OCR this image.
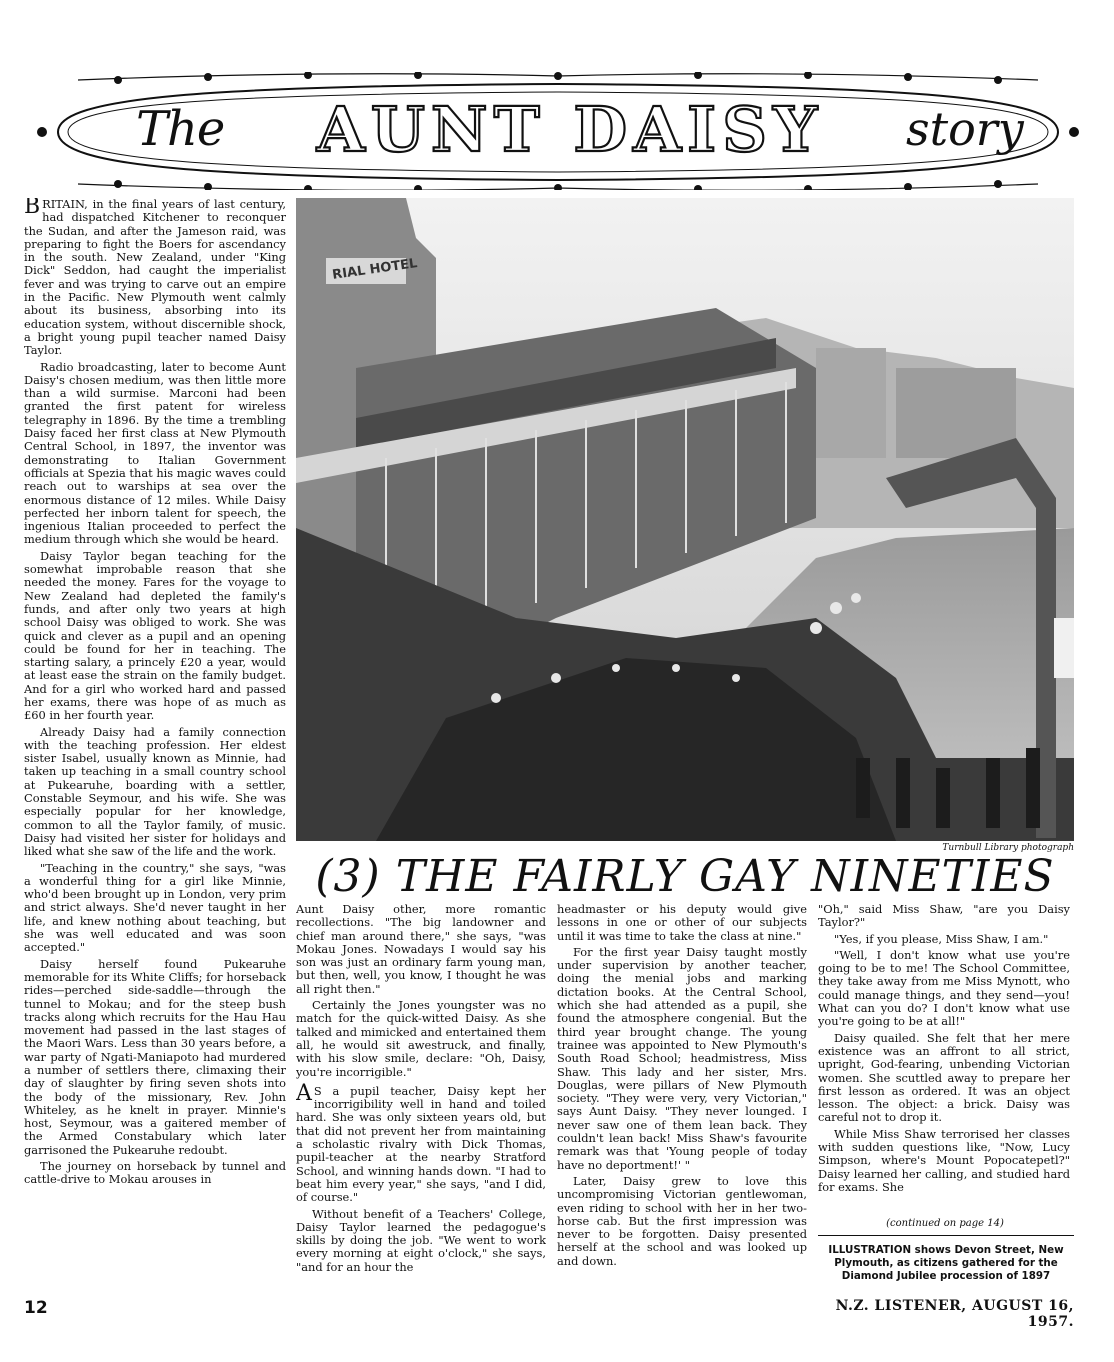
The	AUNT DAISY	story

BRITAIN, in the final years of last century, had dispatched Kitchener to reconquer the Sudan, and after the Jameson raid, was preparing to fight the Boers for ascendancy in the south. New Zealand, under "King Dick" Seddon, had caught the imperialist fever and was trying to carve out an empire in the Pacific. New Plymouth went calmly about its business, absorbing into its education system, without discernible shock, a bright young pupil teacher named Daisy Taylor.

Radio broadcasting, later to become Aunt Daisy's chosen medium, was then little more than a wild surmise. Marconi had been granted the first patent for wireless telegraphy in 1896. By the time a trembling Daisy faced her first class at New Plymouth Central School, in 1897, the inventor was demonstrating to Italian Government officials at Spezia that his magic waves could reach out to warships at sea over the enormous distance of 12 miles. While Daisy perfected her inborn talent for speech, the ingenious Italian proceeded to perfect the medium through which she would be heard.

Daisy Taylor began teaching for the somewhat improbable reason that she needed the money. Fares for the voyage to New Zealand had depleted the family's funds, and after only two years at high school Daisy was obliged to work. She was quick and clever as a pupil and an opening could be found for her in teaching. The starting salary, a princely £20 a year, would at least ease the strain on the family budget. And for a girl who worked hard and passed her exams, there was hope of as much as £60 in her fourth year.

Already Daisy had a family connection with the teaching profession. Her eldest sister Isabel, usually known as Minnie, had taken up teaching in a small country school at Pukearuhe, boarding with a settler, Constable Seymour, and his wife. She was especially popular for her knowledge, common to all the Taylor family, of music. Daisy had visited her sister for holidays and liked what she saw of the life and the work.

"Teaching in the country," she says, "was a wonderful thing for a girl like Minnie, who'd been brought up in London, very prim and strict always. She'd never taught in her life, and knew nothing about teaching, but she was well educated and was soon accepted."

Daisy herself found Pukearuhe memorable for its White Cliffs; for horseback rides—perched side-saddle—through the tunnel to Mokau; and for the steep bush tracks along which recruits for the Hau Hau movement had passed in the last stages of the Maori Wars. Less than 30 years before, a war party of Ngati-Maniapoto had murdered a number of settlers there, climaxing their day of slaughter by firing seven shots into the body of the missionary, Rev. John Whiteley, as he knelt in prayer. Minnie's host, Seymour, was a gaitered member of the Armed Constabulary which later garrisoned the Pukearuhe redoubt.

The journey on horseback by tunnel and cattle-drive to Mokau arouses in

RIAL HOTEL
Turnbull Library photograph
(3) THE FAIRLY GAY NINETIES

Aunt Daisy other, more romantic recollections. "The big landowner and chief man around there," she says, "was Mokau Jones. Nowadays I would say his son was just an ordinary farm young man, but then, well, you know, I thought he was all right then."

Certainly the Jones youngster was no match for the quick-witted Daisy. As she talked and mimicked and entertained them all, he would sit awestruck, and finally, with his slow smile, declare: "Oh, Daisy, you're incorrigible."

A S a pupil teacher, Daisy kept her incorrigibility well in hand and toiled hard. She was only sixteen years old, but that did not prevent her from maintaining a scholastic rivalry with Dick Thomas, pupil-teacher at the nearby Stratford School, and winning hands down. "I had to beat him every year," she says, "and I did, of course."

Without benefit of a Teachers' College, Daisy Taylor learned the pedagogue's skills by doing the job. "We went to work every morning at eight o'clock," she says, "and for an hour the

headmaster or his deputy would give lessons in one or other of our subjects until it was time to take the class at nine."

For the first year Daisy taught mostly under supervision by another teacher, doing the menial jobs and marking dictation books. At the Central School, which she had attended as a pupil, she found the atmosphere congenial. But the third year brought change. The young trainee was appointed to New Plymouth's South Road School; headmistress, Miss Shaw. This lady and her sister, Mrs. Douglas, were pillars of New Plymouth society. "They were very, very Victorian," says Aunt Daisy. "They never lounged. I never saw one of them lean back. They couldn't lean back! Miss Shaw's favourite remark was that 'Young people of today have no deportment!' "

Later, Daisy grew to love this uncompromising Victorian gentlewoman, even riding to school with her in her two-horse cab. But the first impression was never to be forgotten. Daisy presented herself at the school and was looked up and down.

"Oh," said Miss Shaw, "are you Daisy Taylor?"

"Yes, if you please, Miss Shaw, I am."

"Well, I don't know what use you're going to be to me! The School Committee, they take away from me Miss Mynott, who could manage things, and they send—you! What can you do? I don't know what use you're going to be at all!"

Daisy quailed. She felt that her mere existence was an affront to all strict, upright, God-fearing, unbending Victorian women. She scuttled away to prepare her first lesson as ordered. It was an object lesson. The object: a brick. Daisy was careful not to drop it.

While Miss Shaw terrorised her classes with sudden questions like, "Now, Lucy Simpson, where's Mount Popocatepetl?" Daisy learned her calling, and studied hard for exams. She

(continued on page 14)
ILLUSTRATION shows Devon Street, New Plymouth, as citizens gathered for the Diamond Jubilee procession of 1897
12	N.Z. LISTENER, AUGUST 16, 1957.
